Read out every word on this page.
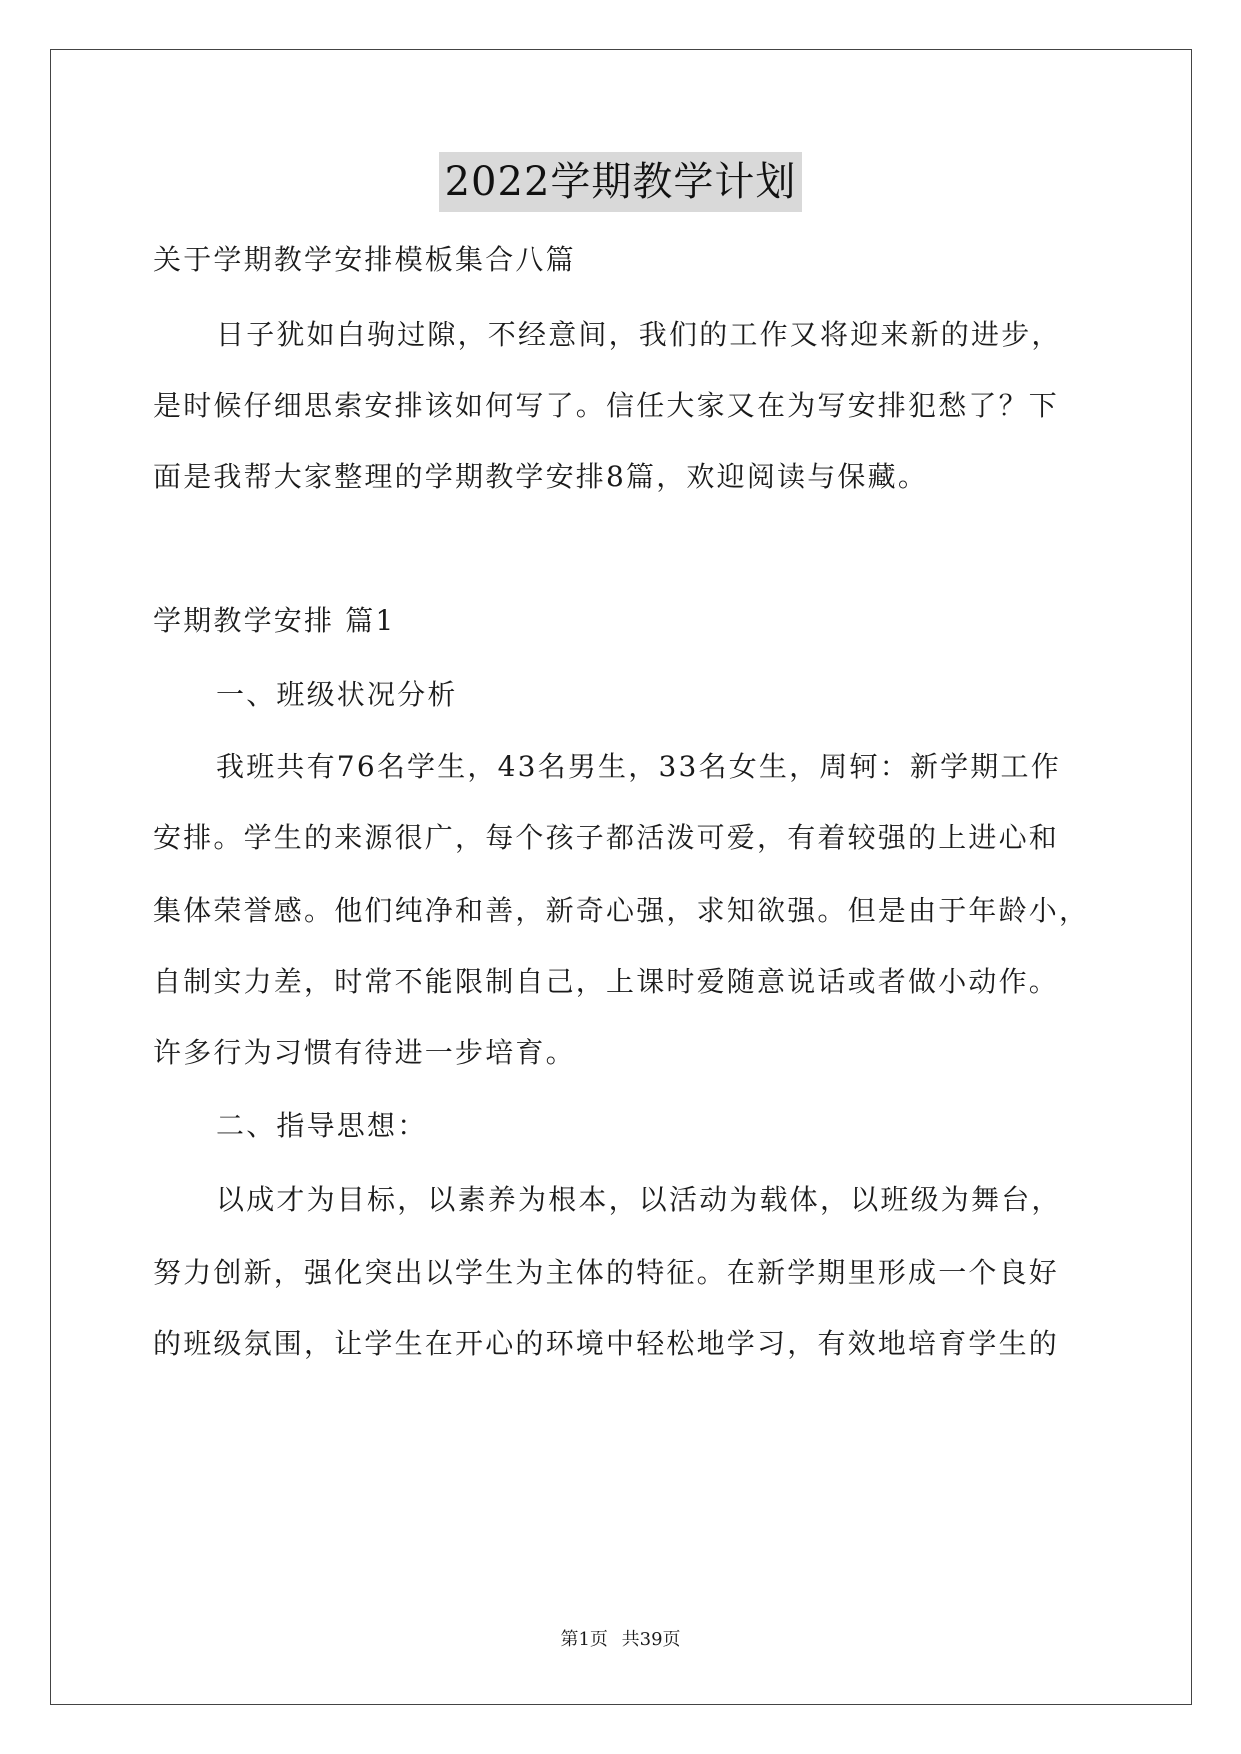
2022学期教学计划
关于学期教学安排模板集合八篇
日子犹如白驹过隙，不经意间，我们的工作又将迎来新的进步，
是时候仔细思索安排该如何写了。信任大家又在为写安排犯愁了？下
面是我帮大家整理的学期教学安排8篇，欢迎阅读与保藏。
学期教学安排 篇1
一、班级状况分析
我班共有76名学生，43名男生，33名女生，周轲：新学期工作
安排。学生的来源很广，每个孩子都活泼可爱，有着较强的上进心和
集体荣誉感。他们纯净和善，新奇心强，求知欲强。但是由于年龄小，
自制实力差，时常不能限制自己，上课时爱随意说话或者做小动作。
许多行为习惯有待进一步培育。
二、指导思想：
以成才为目标，以素养为根本，以活动为载体，以班级为舞台，
努力创新，强化突出以学生为主体的特征。在新学期里形成一个良好
的班级氛围，让学生在开心的环境中轻松地学习，有效地培育学生的
第1页 共39页
